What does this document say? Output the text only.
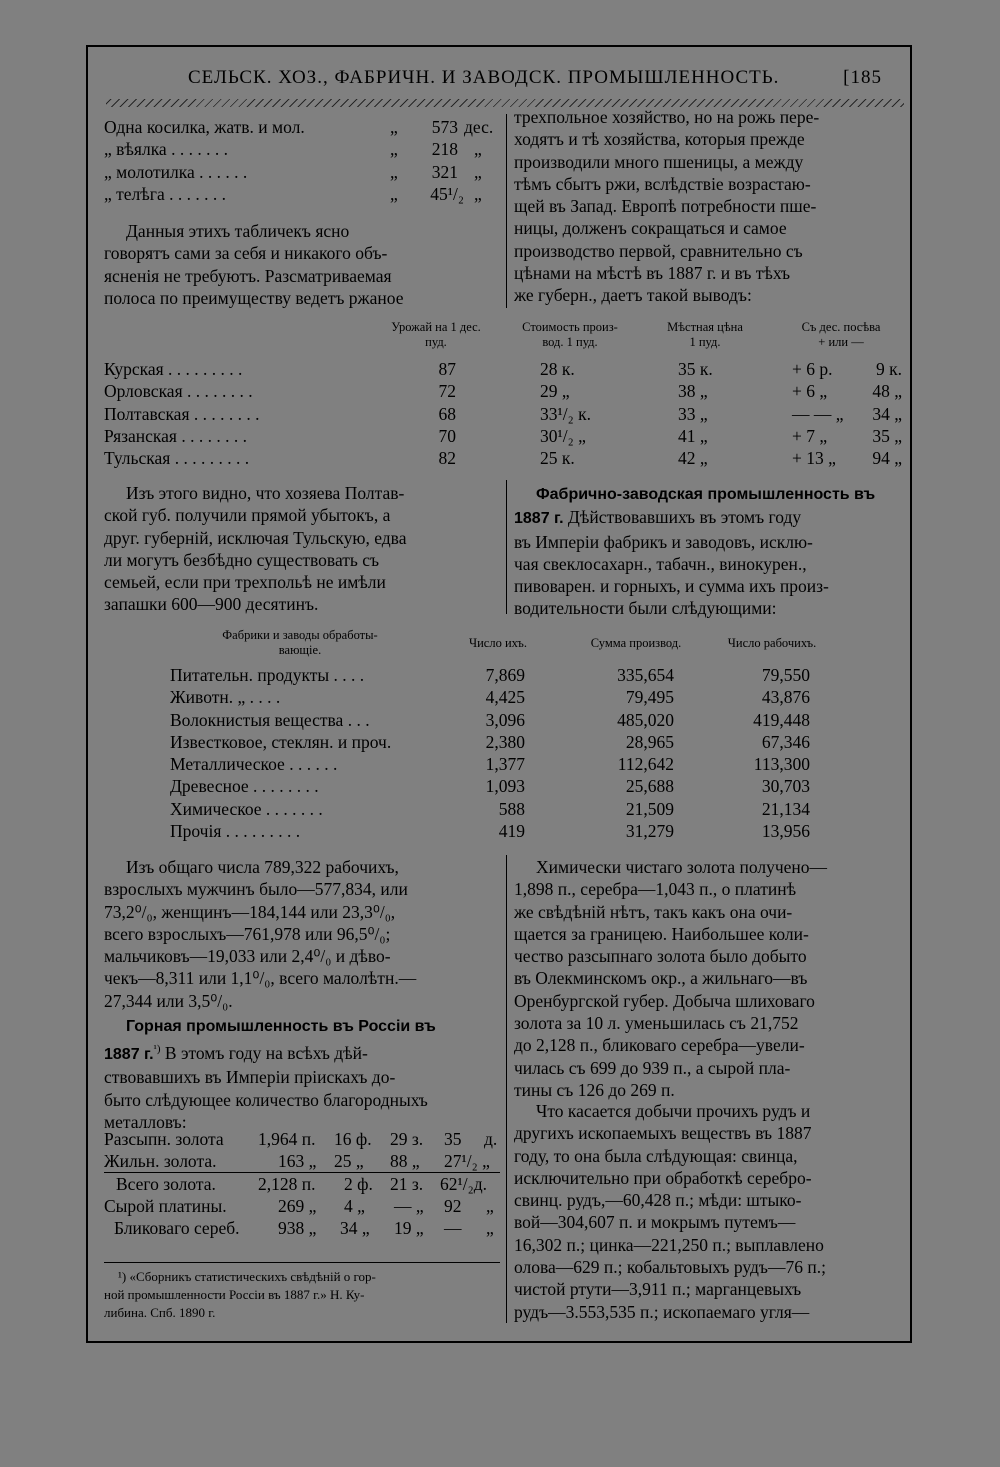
СЕЛЬСК. ХОЗ., ФАБРИЧН. И ЗАВОДСК. ПРОМЫШЛЕННОСТЬ.	[185
Одна косилка, жатв. и мол.	„	573 дес.
„ вѣялка . . . . . . .	„	218 „
„ молотилка . . . . . .	„	321 „
„ телѣга . . . . . . .	„	45¹/₂ „

Данныя этихъ табличекъ ясно

говорятъ сами за себя и никакого объ-

ясненія не требуютъ. Разсматриваемая

полоса по преимуществу ведетъ ржаное

трехпольное хозяйство, но на рожь пере-

ходятъ и тѣ хозяйства, которыя прежде

производили много пшеницы, а между

тѣмъ сбытъ ржи, вслѣдствіе возрастаю-

щей въ Запад. Европѣ потребности пше-

ницы, долженъ сокращаться и самое

производство первой, сравнительно съ

цѣнами на мѣстѣ въ 1887 г. и въ тѣхъ

же губерн., даетъ такой выводъ:

Урожай на 1 дес.
пуд.
Стоимость произ-
вод. 1 пуд.
Мѣстная цѣна
1 пуд.
Съ дес. посѣва
+ или —
Курская . . . . . . . . .	87	28 к.	35 к.	+ 6 р.	9 к.
Орловская . . . . . . . .	72	29 „	38 „	+ 6 „	48 „
Полтавская . . . . . . . .	68	33¹/₂ к.	33 „	— — „	34 „
Рязанская . . . . . . . .	70	30¹/₂ „	41 „	+ 7 „	35 „
Тульская . . . . . . . . .	82	25 к.	42 „	+ 13 „	94 „

Изъ этого видно, что хозяева Полтав-

ской губ. получили прямой убытокъ, а

друг. губерній, исключая Тульскую, едва

ли могутъ безбѣдно существовать съ

семьей, если при трехпольѣ не имѣли

запашки 600—900 десятинъ.

Фабрично-заводская промышленность въ

1887 г. Дѣйствовавшихъ въ этомъ году

въ Имперіи фабрикъ и заводовъ, исклю-

чая свеклосахарн., табачн., винокурен.,

пивоварен. и горныхъ, и сумма ихъ произ-

водительности были слѣдующими:

Фабрики и заводы обработы-
вающіе.	Число ихъ.	Сумма производ.	Число рабочихъ.
Питательн. продукты . . . .	7,869	335,654	79,550
Животн. „ . . . .	4,425	79,495	43,876
Волокнистыя вещества . . .	3,096	485,020	419,448
Известковое, стеклян. и проч.	2,380	28,965	67,346
Металлическое . . . . . .	1,377	112,642	113,300
Древесное . . . . . . . .	1,093	25,688	30,703
Химическое . . . . . . .	588	21,509	21,134
Прочія . . . . . . . . .	419	31,279	13,956

Изъ общаго числа 789,322 рабочихъ,

взрослыхъ мужчинъ было—577,834, или

73,2⁰/₀, женщинъ—184,144 или 23,3⁰/₀,

всего взрослыхъ—761,978 или 96,5⁰/₀;

мальчиковъ—19,033 или 2,4⁰/₀ и дѣво-

чекъ—8,311 или 1,1⁰/₀, всего малолѣтн.—

27,344 или 3,5⁰/₀.

Горная промышленность въ Россіи въ

1887 г.$^{^1)}$ В этомъ году на всѣхъ дѣй-

ствовавшихъ въ Имперіи пріискахъ до-

быто слѣдующее количество благородныхъ

металловъ:

Разсыпн. золота 1,964 п. 16 ф. 29 з. 35 д.
Жильн. золота.	163 „ 25 „ 88 „ 27¹/₂ „
Всего золота. 2,128 п. 2 ф. 21 з. 62¹/₂д.
Сырой платины.	269 „ 4 „ — „ 92 „
Бликоваго сереб. 938 „ 34 „ 19 „ — „
¹) «Сборникъ статистическихъ свѣдѣній о гор-
ной промышленности Россіи въ 1887 г.» Н. Ку-
либина. Спб. 1890 г.

Химически чистаго золота получено—

1,898 п., серебра—1,043 п., о платинѣ

же свѣдѣній нѣтъ, такъ какъ она очи-

щается за границею. Наибольшее коли-

чество разсыпнаго золота было добыто

въ Олекминскомъ окр., а жильнаго—въ

Оренбургской губер. Добыча шлиховаго

золота за 10 л. уменьшилась съ 21,752

до 2,128 п., бликоваго серебра—увели-

чилась съ 699 до 939 п., а сырой пла-

тины съ 126 до 269 п.

Что касается добычи прочихъ рудъ и

другихъ ископаемыхъ веществъ въ 1887

году, то она была слѣдующая: свинца,

исключительно при обработкѣ серебро-

свинц. рудъ,—60,428 п.; мѣди: штыко-

вой—304,607 п. и мокрымъ путемъ—

16,302 п.; цинка—221,250 п.; выплавлено

олова—629 п.; кобальтовыхъ рудъ—76 п.;

чистой ртути—3,911 п.; марганцевыхъ

рудъ—3.553,535 п.; ископаемаго угля—
